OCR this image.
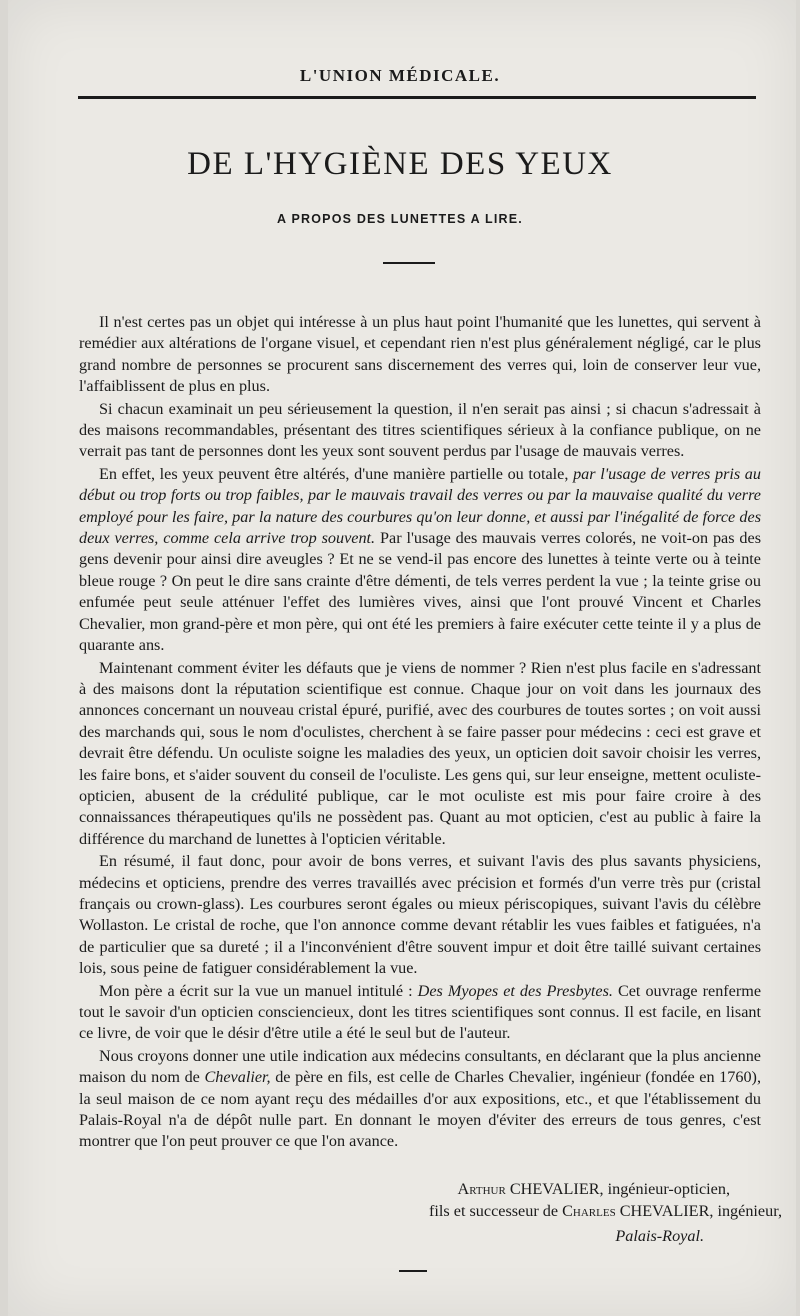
L'UNION MÉDICALE.
DE L'HYGIÈNE DES YEUX
A PROPOS DES LUNETTES A LIRE.

Il n'est certes pas un objet qui intéresse à un plus haut point l'humanité que les lunettes, qui servent à remédier aux altérations de l'organe visuel, et cependant rien n'est plus généralement négligé, car le plus grand nombre de personnes se procurent sans discernement des verres qui, loin de conserver leur vue, l'affaiblissent de plus en plus.

Si chacun examinait un peu sérieusement la question, il n'en serait pas ainsi ; si chacun s'adressait à des maisons recommandables, présentant des titres scientifiques sérieux à la confiance publique, on ne verrait pas tant de personnes dont les yeux sont souvent perdus par l'usage de mauvais verres.

En effet, les yeux peuvent être altérés, d'une manière partielle ou totale, par l'usage de verres pris au début ou trop forts ou trop faibles, par le mauvais travail des verres ou par la mauvaise qualité du verre employé pour les faire, par la nature des courbures qu'on leur donne, et aussi par l'inégalité de force des deux verres, comme cela arrive trop souvent. Par l'usage des mauvais verres colorés, ne voit-on pas des gens devenir pour ainsi dire aveugles ? Et ne se vend-il pas encore des lunettes à teinte verte ou à teinte bleue rouge ? On peut le dire sans crainte d'être démenti, de tels verres perdent la vue ; la teinte grise ou enfumée peut seule atténuer l'effet des lumières vives, ainsi que l'ont prouvé Vincent et Charles Chevalier, mon grand-père et mon père, qui ont été les premiers à faire exécuter cette teinte il y a plus de quarante ans.

Maintenant comment éviter les défauts que je viens de nommer ? Rien n'est plus facile en s'adressant à des maisons dont la réputation scientifique est connue. Chaque jour on voit dans les journaux des annonces concernant un nouveau cristal épuré, purifié, avec des courbures de toutes sortes ; on voit aussi des marchands qui, sous le nom d'oculistes, cherchent à se faire passer pour médecins : ceci est grave et devrait être défendu. Un oculiste soigne les maladies des yeux, un opticien doit savoir choisir les verres, les faire bons, et s'aider souvent du conseil de l'oculiste. Les gens qui, sur leur enseigne, mettent oculiste-opticien, abusent de la crédulité publique, car le mot oculiste est mis pour faire croire à des connaissances thérapeutiques qu'ils ne possèdent pas. Quant au mot opticien, c'est au public à faire la différence du marchand de lunettes à l'opticien véritable.

En résumé, il faut donc, pour avoir de bons verres, et suivant l'avis des plus savants physiciens, médecins et opticiens, prendre des verres travaillés avec précision et formés d'un verre très pur (cristal français ou crown-glass). Les courbures seront égales ou mieux périscopiques, suivant l'avis du célèbre Wollaston. Le cristal de roche, que l'on annonce comme devant rétablir les vues faibles et fatiguées, n'a de particulier que sa dureté ; il a l'inconvénient d'être souvent impur et doit être taillé suivant certaines lois, sous peine de fatiguer considérablement la vue.

Mon père a écrit sur la vue un manuel intitulé : Des Myopes et des Presbytes. Cet ouvrage renferme tout le savoir d'un opticien consciencieux, dont les titres scientifiques sont connus. Il est facile, en lisant ce livre, de voir que le désir d'être utile a été le seul but de l'auteur.

Nous croyons donner une utile indication aux médecins consultants, en déclarant que la plus ancienne maison du nom de Chevalier, de père en fils, est celle de Charles Chevalier, ingénieur (fondée en 1760), la seul maison de ce nom ayant reçu des médailles d'or aux expositions, etc., et que l'établissement du Palais-Royal n'a de dépôt nulle part. En donnant le moyen d'éviter des erreurs de tous genres, c'est montrer que l'on peut prouver ce que l'on avance.

Arthur CHEVALIER, ingénieur-opticien,
fils et successeur de Charles CHEVALIER, ingénieur,
Palais-Royal.
